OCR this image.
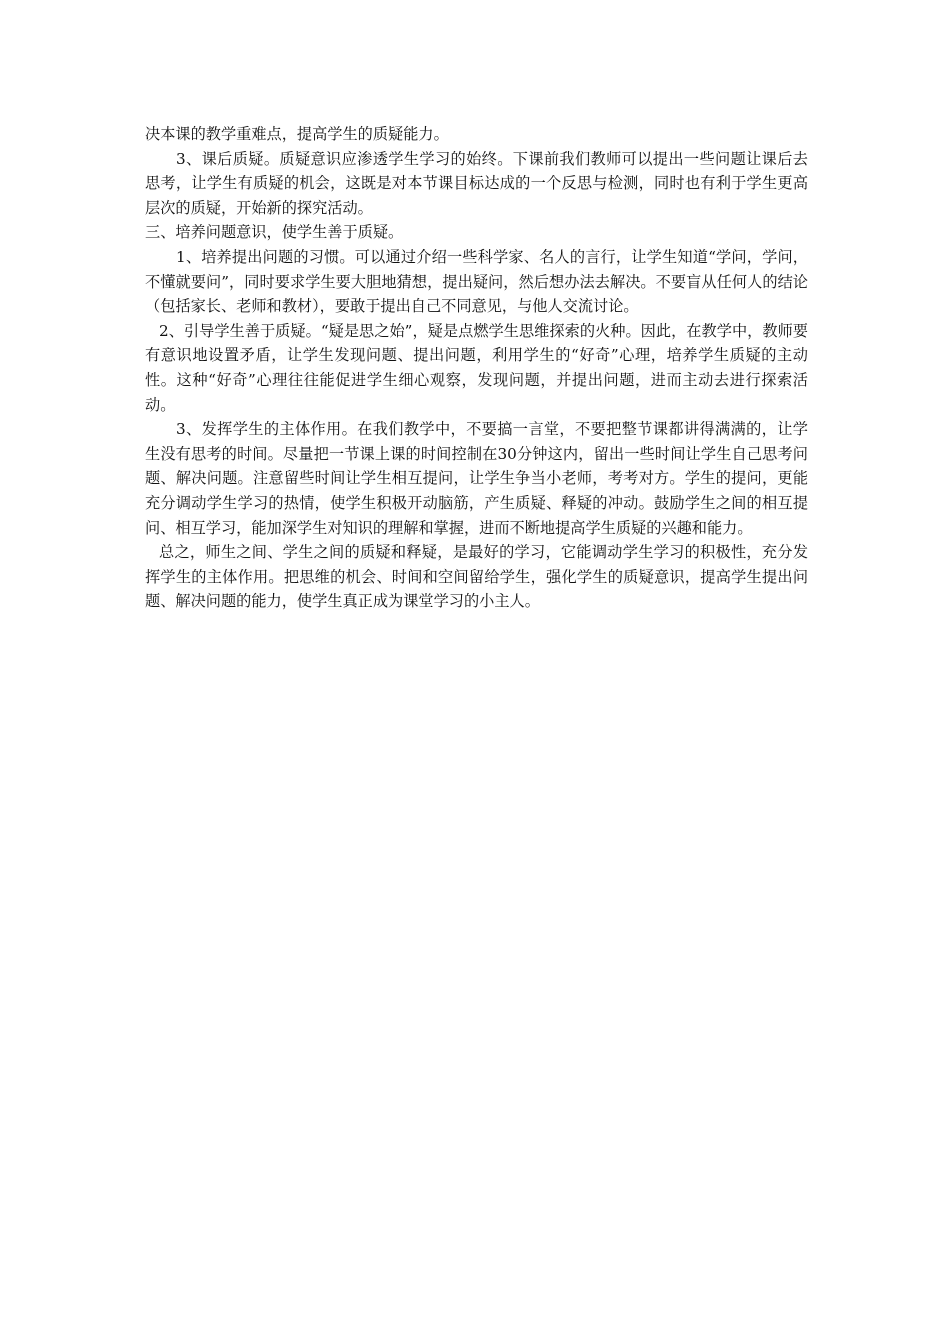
决本课的教学重难点，提高学生的质疑能力。

3、课后质疑。质疑意识应渗透学生学习的始终。下课前我们教师可以提出一些问题让课后去思考，让学生有质疑的机会，这既是对本节课目标达成的一个反思与检测，同时也有利于学生更高层次的质疑，开始新的探究活动。

三、培养问题意识，使学生善于质疑。

1、培养提出问题的习惯。可以通过介绍一些科学家、名人的言行，让学生知道“学问，学问，不懂就要问”，同时要求学生要大胆地猜想，提出疑问，然后想办法去解决。不要盲从任何人的结论（包括家长、老师和教材），要敢于提出自己不同意见，与他人交流讨论。

2、引导学生善于质疑。“疑是思之始”，疑是点燃学生思维探索的火种。因此，在教学中，教师要有意识地设置矛盾，让学生发现问题、提出问题，利用学生的“好奇”心理，培养学生质疑的主动性。这种“好奇”心理往往能促进学生细心观察，发现问题，并提出问题，进而主动去进行探索活动。

3、发挥学生的主体作用。在我们教学中，不要搞一言堂，不要把整节课都讲得满满的，让学生没有思考的时间。尽量把一节课上课的时间控制在30分钟这内，留出一些时间让学生自己思考问题、解决问题。注意留些时间让学生相互提问，让学生争当小老师，考考对方。学生的提问，更能充分调动学生学习的热情，使学生积极开动脑筋，产生质疑、释疑的冲动。鼓励学生之间的相互提问、相互学习，能加深学生对知识的理解和掌握，进而不断地提高学生质疑的兴趣和能力。

总之，师生之间、学生之间的质疑和释疑，是最好的学习，它能调动学生学习的积极性，充分发挥学生的主体作用。把思维的机会、时间和空间留给学生，强化学生的质疑意识，提高学生提出问题、解决问题的能力，使学生真正成为课堂学习的小主人。
